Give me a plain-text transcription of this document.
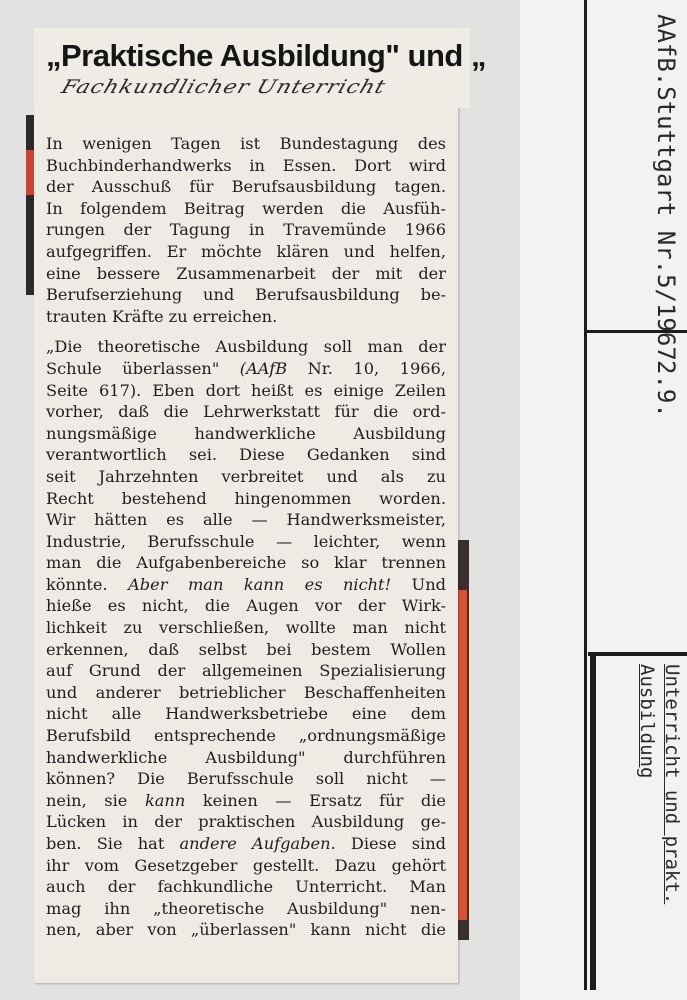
AAfB.Stuttgart Nr.5/1967
2.9.
Unterricht und prakt.
Ausbildung
„Praktische Ausbildung" und „
Fachkundlicher Unterricht

In wenigen Tagen ist Bundestagung des
Buchbinderhandwerks in Essen. Dort wird
der Ausschuß für Berufsausbildung tagen.
In folgendem Beitrag werden die Ausfüh-
rungen der Tagung in Travemünde 1966
aufgegriffen. Er möchte klären und helfen,
eine bessere Zusammenarbeit der mit der
Berufserziehung und Berufsausbildung be-
trauten Kräfte zu erreichen.

„Die theoretische Ausbildung soll man der
Schule überlassen" (AAfB Nr. 10, 1966,
Seite 617). Eben dort heißt es einige Zeilen
vorher, daß die Lehrwerkstatt für die ord-
nungsmäßige handwerkliche Ausbildung
verantwortlich sei. Diese Gedanken sind
seit Jahrzehnten verbreitet und als zu
Recht bestehend hingenommen worden.
Wir hätten es alle — Handwerksmeister,
Industrie, Berufsschule — leichter, wenn
man die Aufgabenbereiche so klar trennen
könnte. Aber man kann es nicht! Und
hieße es nicht, die Augen vor der Wirk-
lichkeit zu verschließen, wollte man nicht
erkennen, daß selbst bei bestem Wollen
auf Grund der allgemeinen Spezialisierung
und anderer betrieblicher Beschaffenheiten
nicht alle Handwerksbetriebe eine dem
Berufsbild entsprechende „ordnungsmäßige
handwerkliche Ausbildung" durchführen
können? Die Berufsschule soll nicht —
nein, sie kann keinen — Ersatz für die
Lücken in der praktischen Ausbildung ge-
ben. Sie hat andere Aufgaben. Diese sind
ihr vom Gesetzgeber gestellt. Dazu gehört
auch der fachkundliche Unterricht. Man
mag ihn „theoretische Ausbildung" nen-
nen, aber von „überlassen" kann nicht die
